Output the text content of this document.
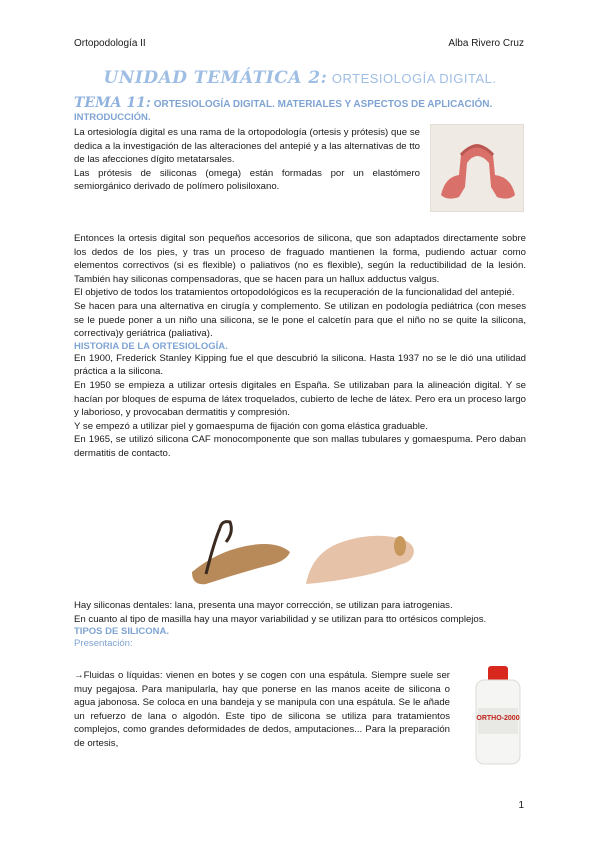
Ortopodología II	Alba Rivero Cruz
UNIDAD TEMÁTICA 2: ORTESIOLOGÍA DIGITAL.
TEMA 11: ORTESIOLOGÍA DIGITAL. MATERIALES Y ASPECTOS DE APLICACIÓN.
INTRODUCCIÓN.

La ortesiología digital es una rama de la ortopodología (ortesis y prótesis) que se dedica a la investigación de las alteraciones del antepié y a las alternativas de tto de las afecciones dígito metatarsales.

Las prótesis de siliconas (omega) están formadas por un elastómero semiorgánico derivado de polímero polisiloxano.

Entonces la ortesis digital son pequeños accesorios de silicona, que son adaptados directamente sobre los dedos de los pies, y tras un proceso de fraguado mantienen la forma, pudiendo actuar como elementos correctivos (si es flexible) o paliativos (no es flexible), según la reductibilidad de la lesión. También hay siliconas compensadoras, que se hacen para un hallux adductus valgus.

El objetivo de todos los tratamientos ortopodológicos es la recuperación de la funcionalidad del antepié.

Se hacen para una alternativa en cirugía y complemento. Se utilizan en podología pediátrica (con meses se le puede poner a un niño una silicona, se le pone el calcetín para que el niño no se quite la silicona, correctiva)y geriátrica (paliativa).

HISTORIA DE LA ORTESIOLOGÍA.

En 1900, Frederick Stanley Kipping fue el que descubrió la silicona. Hasta 1937 no se le dió una utilidad práctica a la silicona.

En 1950 se empieza a utilizar ortesis digitales en España. Se utilizaban para la alineación digital. Y se hacían por bloques de espuma de látex troquelados, cubierto de leche de látex. Pero era un proceso largo y laborioso, y provocaban dermatitis y compresión.

Y se empezó a utilizar piel y gomaespuma de fijación con goma elástica graduable.

En 1965, se utilizó silicona CAF monocomponente que son mallas tubulares y gomaespuma. Pero daban dermatitis de contacto.

Hay siliconas dentales: lana, presenta una mayor corrección, se utilizan para iatrogenias.

En cuanto al tipo de masilla hay una mayor variabilidad y se utilizan para tto ortésicos complejos.

TIPOS DE SILICONA.
Presentación:

→Fluidas o líquidas: vienen en botes y se cogen con una espátula. Siempre suele ser muy pegajosa. Para manipularla, hay que ponerse en las manos aceite de silicona o agua jabonosa. Se coloca en una bandeja y se manipula con una espátula. Se le añade un refuerzo de lana o algodón. Este tipo de silicona se utiliza para tratamientos complejos, como grandes deformidades de dedos, amputaciones... Para la preparación de ortesis,

ORTHO-2000
1
